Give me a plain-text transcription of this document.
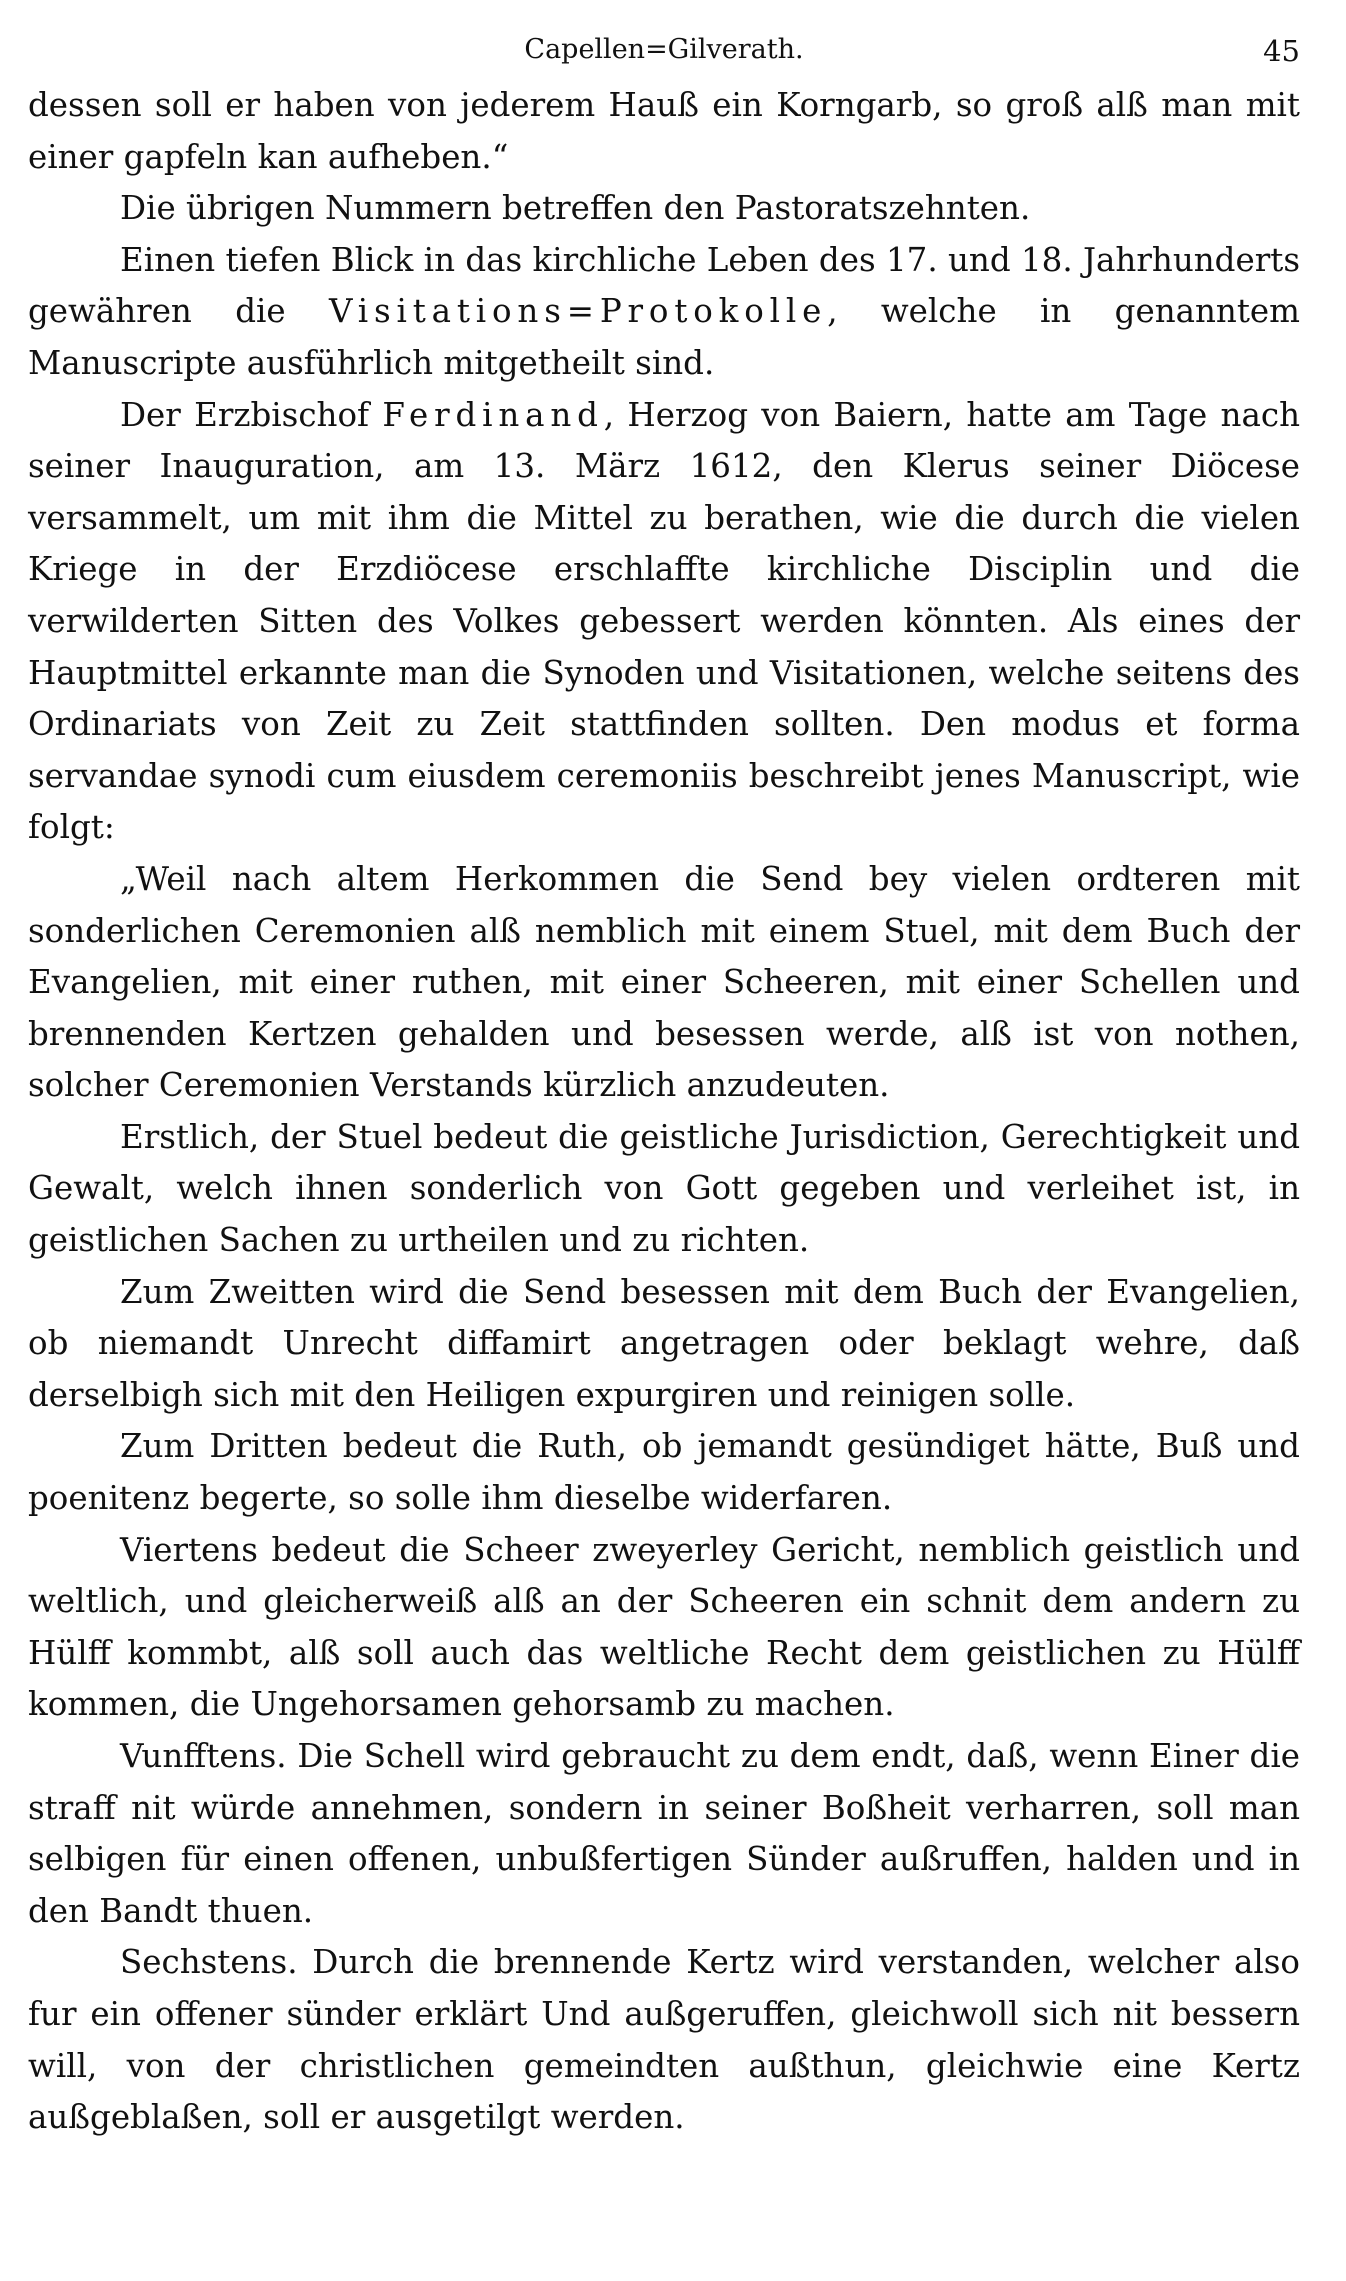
Capellen=Gilverath.	45

dessen soll er haben von jederem Hauß ein Korngarb, so groß alß man mit einer gapfeln kan aufheben.“

Die übrigen Nummern betreffen den Pastoratszehnten.

Einen tiefen Blick in das kirchliche Leben des 17. und 18. Jahrhunderts gewähren die Visitations=Protokolle, welche in genanntem Manuscripte ausführlich mitgetheilt sind.

Der Erzbischof Ferdinand, Herzog von Baiern, hatte am Tage nach seiner Inauguration, am 13. März 1612, den Klerus seiner Diöcese versammelt, um mit ihm die Mittel zu berathen, wie die durch die vielen Kriege in der Erzdiöcese erschlaffte kirchliche Disciplin und die verwilderten Sitten des Volkes gebessert werden könnten. Als eines der Hauptmittel erkannte man die Synoden und Visitationen, welche seitens des Ordinariats von Zeit zu Zeit stattfinden sollten. Den modus et forma servandae synodi cum eiusdem ceremoniis beschreibt jenes Manuscript, wie folgt:

„Weil nach altem Herkommen die Send bey vielen ordteren mit sonderlichen Ceremonien alß nemblich mit einem Stuel, mit dem Buch der Evangelien, mit einer ruthen, mit einer Scheeren, mit einer Schellen und brennenden Kertzen gehalden und besessen werde, alß ist von nothen, solcher Ceremonien Verstands kürzlich anzudeuten.

Erstlich, der Stuel bedeut die geistliche Jurisdiction, Gerechtigkeit und Gewalt, welch ihnen sonderlich von Gott gegeben und verleihet ist, in geistlichen Sachen zu urtheilen und zu richten.

Zum Zweitten wird die Send besessen mit dem Buch der Evangelien, ob niemandt Unrecht diffamirt angetragen oder beklagt wehre, daß derselbigh sich mit den Heiligen expurgiren und reinigen solle.

Zum Dritten bedeut die Ruth, ob jemandt gesündiget hätte, Buß und poenitenz begerte, so solle ihm dieselbe widerfaren.

Viertens bedeut die Scheer zweyerley Gericht, nemblich geistlich und weltlich, und gleicherweiß alß an der Scheeren ein schnit dem andern zu Hülff kommbt, alß soll auch das weltliche Recht dem geistlichen zu Hülff kommen, die Ungehorsamen gehorsamb zu machen.

Vunfftens. Die Schell wird gebraucht zu dem endt, daß, wenn Einer die straff nit würde annehmen, sondern in seiner Boßheit verharren, soll man selbigen für einen offenen, unbußfertigen Sünder außruffen, halden und in den Bandt thuen.

Sechstens. Durch die brennende Kertz wird verstanden, welcher also fur ein offener sünder erklärt Und außgeruffen, gleichwoll sich nit bessern will, von der christlichen gemeindten außthun, gleichwie eine Kertz außgeblaßen, soll er ausgetilgt werden.
